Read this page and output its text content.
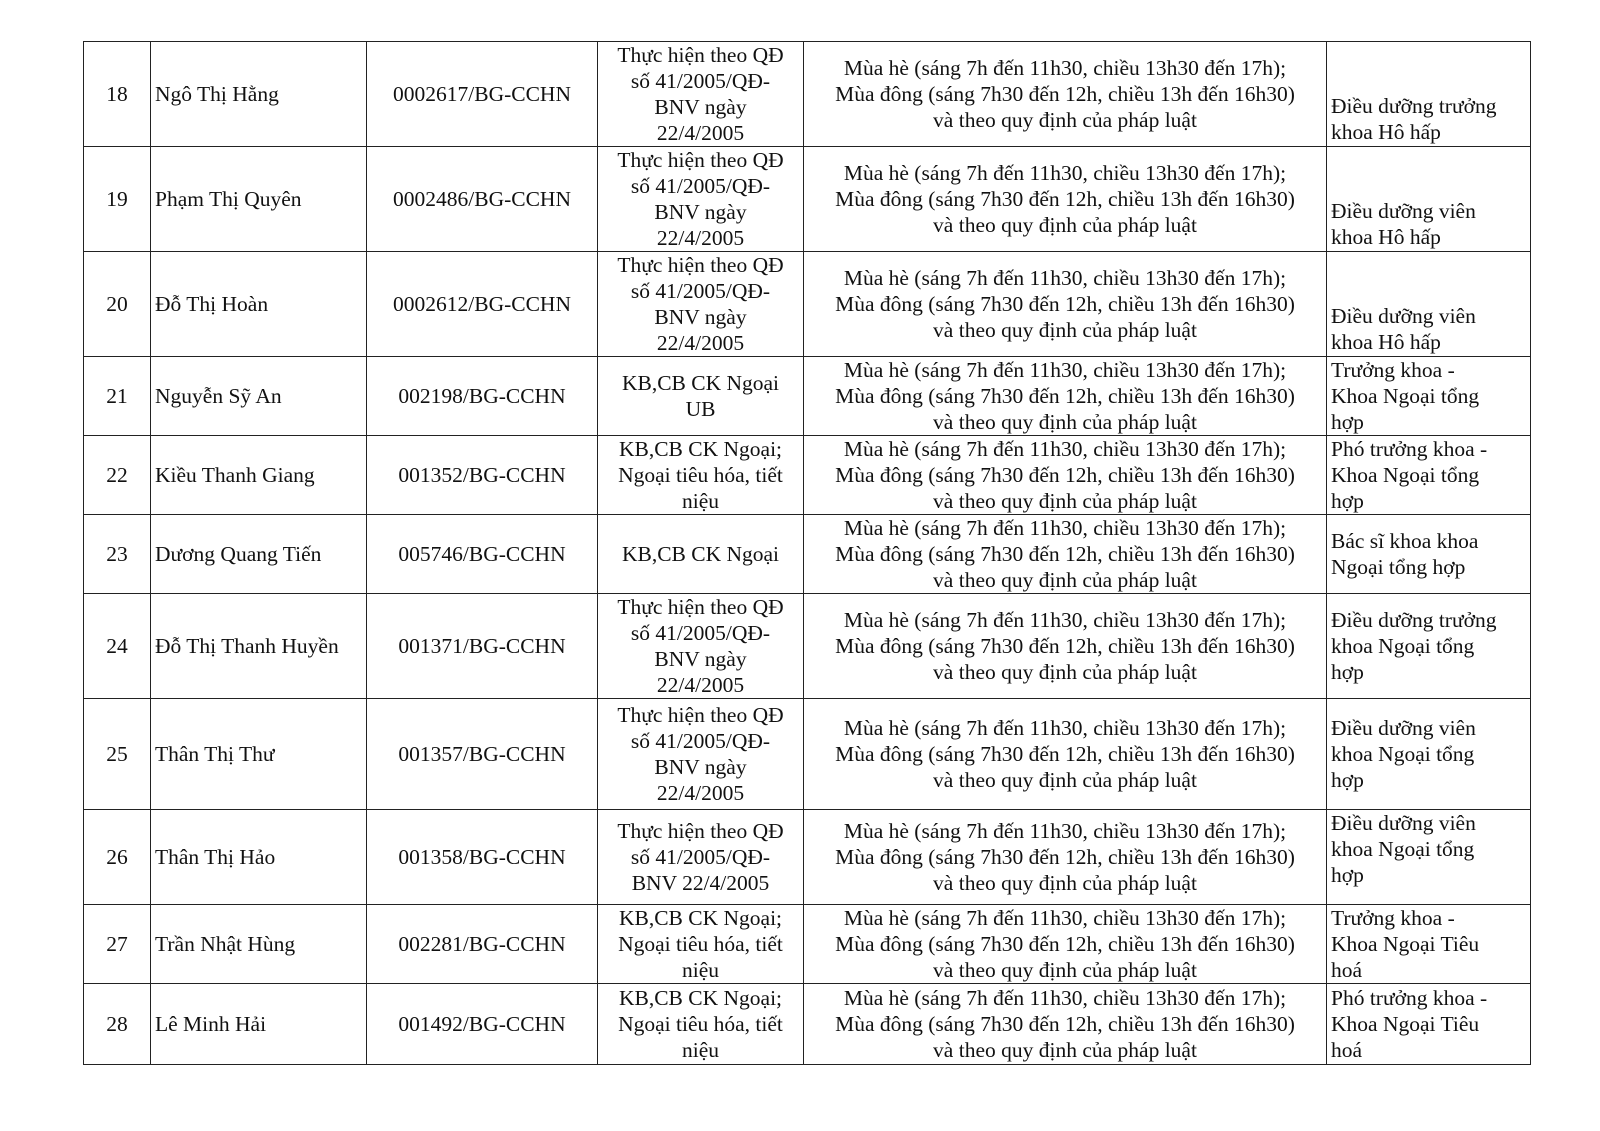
18	Ngô Thị Hằng	0002617/BG-CCHN	Thực hiện theo QĐ
số 41/2005/QĐ-
BNV ngày
22/4/2005	Mùa hè (sáng 7h đến 11h30, chiều 13h30 đến 17h);
Mùa đông (sáng 7h30 đến 12h, chiều 13h đến 16h30)
và theo quy định của pháp luật	Điều dưỡng trưởng
khoa Hô hấp

19	Phạm Thị Quyên	0002486/BG-CCHN	Thực hiện theo QĐ
số 41/2005/QĐ-
BNV ngày
22/4/2005	Mùa hè (sáng 7h đến 11h30, chiều 13h30 đến 17h);
Mùa đông (sáng 7h30 đến 12h, chiều 13h đến 16h30)
và theo quy định của pháp luật	Điều dưỡng viên
khoa Hô hấp

20	Đỗ Thị Hoàn	0002612/BG-CCHN	Thực hiện theo QĐ
số 41/2005/QĐ-
BNV ngày
22/4/2005	Mùa hè (sáng 7h đến 11h30, chiều 13h30 đến 17h);
Mùa đông (sáng 7h30 đến 12h, chiều 13h đến 16h30)
và theo quy định của pháp luật	Điều dưỡng viên
khoa Hô hấp

21	Nguyễn Sỹ An	002198/BG-CCHN	KB,CB CK Ngoại
UB	Mùa hè (sáng 7h đến 11h30, chiều 13h30 đến 17h);
Mùa đông (sáng 7h30 đến 12h, chiều 13h đến 16h30)
và theo quy định của pháp luật	Trưởng khoa -
Khoa Ngoại tổng
hợp

22	Kiều Thanh Giang	001352/BG-CCHN	KB,CB CK Ngoại;
Ngoại tiêu hóa, tiết
niệu	Mùa hè (sáng 7h đến 11h30, chiều 13h30 đến 17h);
Mùa đông (sáng 7h30 đến 12h, chiều 13h đến 16h30)
và theo quy định của pháp luật	Phó trưởng khoa -
Khoa Ngoại tổng
hợp

23	Dương Quang Tiến	005746/BG-CCHN	KB,CB CK Ngoại	Mùa hè (sáng 7h đến 11h30, chiều 13h30 đến 17h);
Mùa đông (sáng 7h30 đến 12h, chiều 13h đến 16h30)
và theo quy định của pháp luật	Bác sĩ khoa khoa
Ngoại tổng hợp

24	Đỗ Thị Thanh Huyền	001371/BG-CCHN	Thực hiện theo QĐ
số 41/2005/QĐ-
BNV ngày
22/4/2005	Mùa hè (sáng 7h đến 11h30, chiều 13h30 đến 17h);
Mùa đông (sáng 7h30 đến 12h, chiều 13h đến 16h30)
và theo quy định của pháp luật	Điều dưỡng trưởng
khoa Ngoại tổng
hợp

25	Thân Thị Thư	001357/BG-CCHN	Thực hiện theo QĐ
số 41/2005/QĐ-
BNV ngày
22/4/2005	Mùa hè (sáng 7h đến 11h30, chiều 13h30 đến 17h);
Mùa đông (sáng 7h30 đến 12h, chiều 13h đến 16h30)
và theo quy định của pháp luật	Điều dưỡng viên
khoa Ngoại tổng
hợp

26	Thân Thị Hảo	001358/BG-CCHN	Thực hiện theo QĐ
số 41/2005/QĐ-
BNV 22/4/2005	Mùa hè (sáng 7h đến 11h30, chiều 13h30 đến 17h);
Mùa đông (sáng 7h30 đến 12h, chiều 13h đến 16h30)
và theo quy định của pháp luật	Điều dưỡng viên
khoa Ngoại tổng
hợp

27	Trần Nhật Hùng	002281/BG-CCHN	KB,CB CK Ngoại;
Ngoại tiêu hóa, tiết
niệu	Mùa hè (sáng 7h đến 11h30, chiều 13h30 đến 17h);
Mùa đông (sáng 7h30 đến 12h, chiều 13h đến 16h30)
và theo quy định của pháp luật	Trưởng khoa -
Khoa Ngoại Tiêu
hoá

28	Lê Minh Hải	001492/BG-CCHN	KB,CB CK Ngoại;
Ngoại tiêu hóa, tiết
niệu	Mùa hè (sáng 7h đến 11h30, chiều 13h30 đến 17h);
Mùa đông (sáng 7h30 đến 12h, chiều 13h đến 16h30)
và theo quy định của pháp luật	Phó trưởng khoa -
Khoa Ngoại Tiêu
hoá
